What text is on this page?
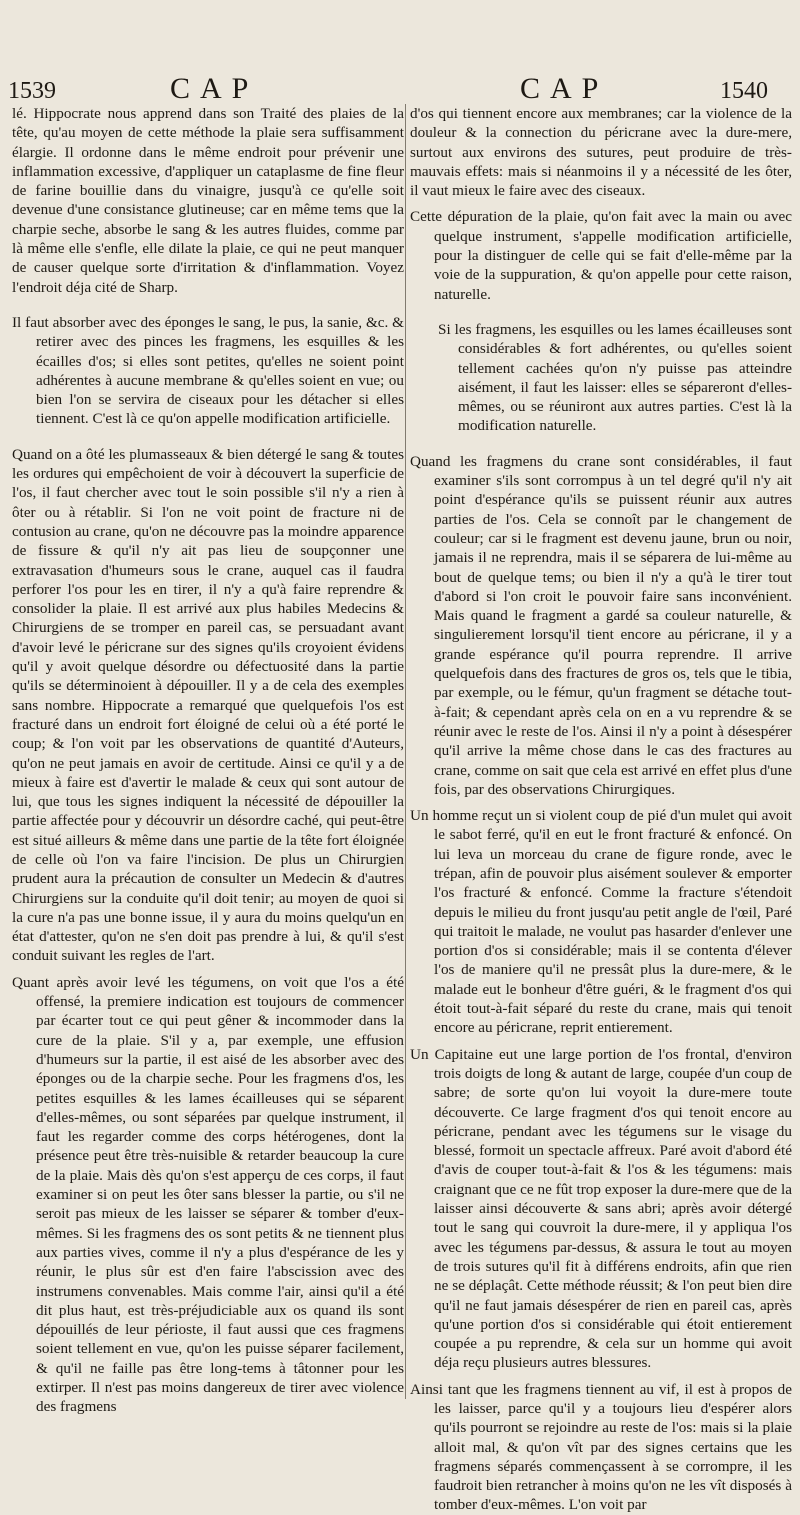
1539	CAP	CAP	1540

lé. Hippocrate nous apprend dans son Traité des plaies de la tête, qu'au moyen de cette méthode la plaie sera suffisamment élargie. Il ordonne dans le même endroit pour prévenir une inflammation excessive, d'appliquer un cataplasme de fine fleur de farine bouillie dans du vinaigre, jusqu'à ce qu'elle soit devenue d'une consistance glutineuse; car en même tems que la charpie seche, absorbe le sang & les autres fluides, comme par là même elle s'enfle, elle dilate la plaie, ce qui ne peut manquer de causer quelque sorte d'irritation & d'inflammation. Voyez l'endroit déja cité de Sharp.

Il faut absorber avec des éponges le sang, le pus, la sanie, &c. & retirer avec des pinces les fragmens, les esquilles & les écailles d'os; si elles sont petites, qu'elles ne soient point adhérentes à aucune membrane & qu'elles soient en vue; ou bien l'on se servira de ciseaux pour les détacher si elles tiennent. C'est là ce qu'on appelle modification artificielle.

Quand on a ôté les plumasseaux & bien détergé le sang & toutes les ordures qui empêchoient de voir à découvert la superficie de l'os, il faut chercher avec tout le soin possible s'il n'y a rien à ôter ou à rétablir. Si l'on ne voit point de fracture ni de contusion au crane, qu'on ne découvre pas la moindre apparence de fissure & qu'il n'y ait pas lieu de soupçonner une extravasation d'humeurs sous le crane, auquel cas il faudra perforer l'os pour les en tirer, il n'y a qu'à faire reprendre & consolider la plaie. Il est arrivé aux plus habiles Medecins & Chirurgiens de se tromper en pareil cas, se persuadant avant d'avoir levé le péricrane sur des signes qu'ils croyoient évidens qu'il y avoit quelque désordre ou défectuosité dans la partie qu'ils se déterminoient à dépouiller. Il y a de cela des exemples sans nombre. Hippocrate a remarqué que quelquefois l'os est fracturé dans un endroit fort éloigné de celui où a été porté le coup; & l'on voit par les observations de quantité d'Auteurs, qu'on ne peut jamais en avoir de certitude. Ainsi ce qu'il y a de mieux à faire est d'avertir le malade & ceux qui sont autour de lui, que tous les signes indiquent la nécessité de dépouiller la partie affectée pour y découvrir un désordre caché, qui peut-être est situé ailleurs & même dans une partie de la tête fort éloignée de celle où l'on va faire l'incision. De plus un Chirurgien prudent aura la précaution de consulter un Medecin & d'autres Chirurgiens sur la conduite qu'il doit tenir; au moyen de quoi si la cure n'a pas une bonne issue, il y aura du moins quelqu'un en état d'attester, qu'on ne s'en doit pas prendre à lui, & qu'il s'est conduit suivant les regles de l'art.

Quant après avoir levé les tégumens, on voit que l'os a été offensé, la premiere indication est toujours de commencer par écarter tout ce qui peut gêner & incommoder dans la cure de la plaie. S'il y a, par exemple, une effusion d'humeurs sur la partie, il est aisé de les absorber avec des éponges ou de la charpie seche. Pour les fragmens d'os, les petites esquilles & les lames écailleuses qui se séparent d'elles-mêmes, ou sont séparées par quelque instrument, il faut les regarder comme des corps hétérogenes, dont la présence peut être très-nuisible & retarder beaucoup la cure de la plaie. Mais dès qu'on s'est apperçu de ces corps, il faut examiner si on peut les ôter sans blesser la partie, ou s'il ne seroit pas mieux de les laisser se séparer & tomber d'eux-mêmes. Si les fragmens des os sont petits & ne tiennent plus aux parties vives, comme il n'y a plus d'espérance de les y réunir, le plus sûr est d'en faire l'abscission avec des instrumens convenables. Mais comme l'air, ainsi qu'il a été dit plus haut, est très-préjudiciable aux os quand ils sont dépouillés de leur périoste, il faut aussi que ces fragmens soient tellement en vue, qu'on les puisse séparer facilement, & qu'il ne faille pas être long-tems à tâtonner pour les extirper. Il n'est pas moins dangereux de tirer avec violence des fragmens

d'os qui tiennent encore aux membranes; car la violence de la douleur & la connection du péricrane avec la dure-mere, surtout aux environs des sutures, peut produire de très-mauvais effets: mais si néanmoins il y a nécessité de les ôter, il vaut mieux le faire avec des ciseaux.

Cette dépuration de la plaie, qu'on fait avec la main ou avec quelque instrument, s'appelle modification artificielle, pour la distinguer de celle qui se fait d'elle-même par la voie de la suppuration, & qu'on appelle pour cette raison, naturelle.

Si les fragmens, les esquilles ou les lames écailleuses sont considérables & fort adhérentes, ou qu'elles soient tellement cachées qu'on n'y puisse pas atteindre aisément, il faut les laisser: elles se sépareront d'elles-mêmes, ou se réuniront aux autres parties. C'est là la modification naturelle.

Quand les fragmens du crane sont considérables, il faut examiner s'ils sont corrompus à un tel degré qu'il n'y ait point d'espérance qu'ils se puissent réunir aux autres parties de l'os. Cela se connoît par le changement de couleur; car si le fragment est devenu jaune, brun ou noir, jamais il ne reprendra, mais il se séparera de lui-même au bout de quelque tems; ou bien il n'y a qu'à le tirer tout d'abord si l'on croit le pouvoir faire sans inconvénient. Mais quand le fragment a gardé sa couleur naturelle, & singulierement lorsqu'il tient encore au péricrane, il y a grande espérance qu'il pourra reprendre. Il arrive quelquefois dans des fractures de gros os, tels que le tibia, par exemple, ou le fémur, qu'un fragment se détache tout-à-fait; & cependant après cela on en a vu reprendre & se réunir avec le reste de l'os. Ainsi il n'y a point à désespérer qu'il arrive la même chose dans le cas des fractures au crane, comme on sait que cela est arrivé en effet plus d'une fois, par des observations Chirurgiques.

Un homme reçut un si violent coup de pié d'un mulet qui avoit le sabot ferré, qu'il en eut le front fracturé & enfoncé. On lui leva un morceau du crane de figure ronde, avec le trépan, afin de pouvoir plus aisément soulever & emporter l'os fracturé & enfoncé. Comme la fracture s'étendoit depuis le milieu du front jusqu'au petit angle de l'œil, Paré qui traitoit le malade, ne voulut pas hasarder d'enlever une portion d'os si considérable; mais il se contenta d'élever l'os de maniere qu'il ne pressât plus la dure-mere, & le malade eut le bonheur d'être guéri, & le fragment d'os qui étoit tout-à-fait séparé du reste du crane, mais qui tenoit encore au péricrane, reprit entierement.

Un Capitaine eut une large portion de l'os frontal, d'environ trois doigts de long & autant de large, coupée d'un coup de sabre; de sorte qu'on lui voyoit la dure-mere toute découverte. Ce large fragment d'os qui tenoit encore au péricrane, pendant avec les tégumens sur le visage du blessé, formoit un spectacle affreux. Paré avoit d'abord été d'avis de couper tout-à-fait & l'os & les tégumens: mais craignant que ce ne fût trop exposer la dure-mere que de la laisser ainsi découverte & sans abri; après avoir détergé tout le sang qui couvroit la dure-mere, il y appliqua l'os avec les tégumens par-dessus, & assura le tout au moyen de trois sutures qu'il fit à différens endroits, afin que rien ne se déplaçât. Cette méthode réussit; & l'on peut bien dire qu'il ne faut jamais désespérer de rien en pareil cas, après qu'une portion d'os si considérable qui étoit entierement coupée a pu reprendre, & cela sur un homme qui avoit déja reçu plusieurs autres blessures.

Ainsi tant que les fragmens tiennent au vif, il est à propos de les laisser, parce qu'il y a toujours lieu d'espérer alors qu'ils pourront se rejoindre au reste de l'os: mais si la plaie alloit mal, & qu'on vît par des signes certains que les fragmens séparés commençassent à se corrompre, il les faudroit bien retrancher à moins qu'on ne les vît disposés à tomber d'eux-mêmes. L'on voit par
